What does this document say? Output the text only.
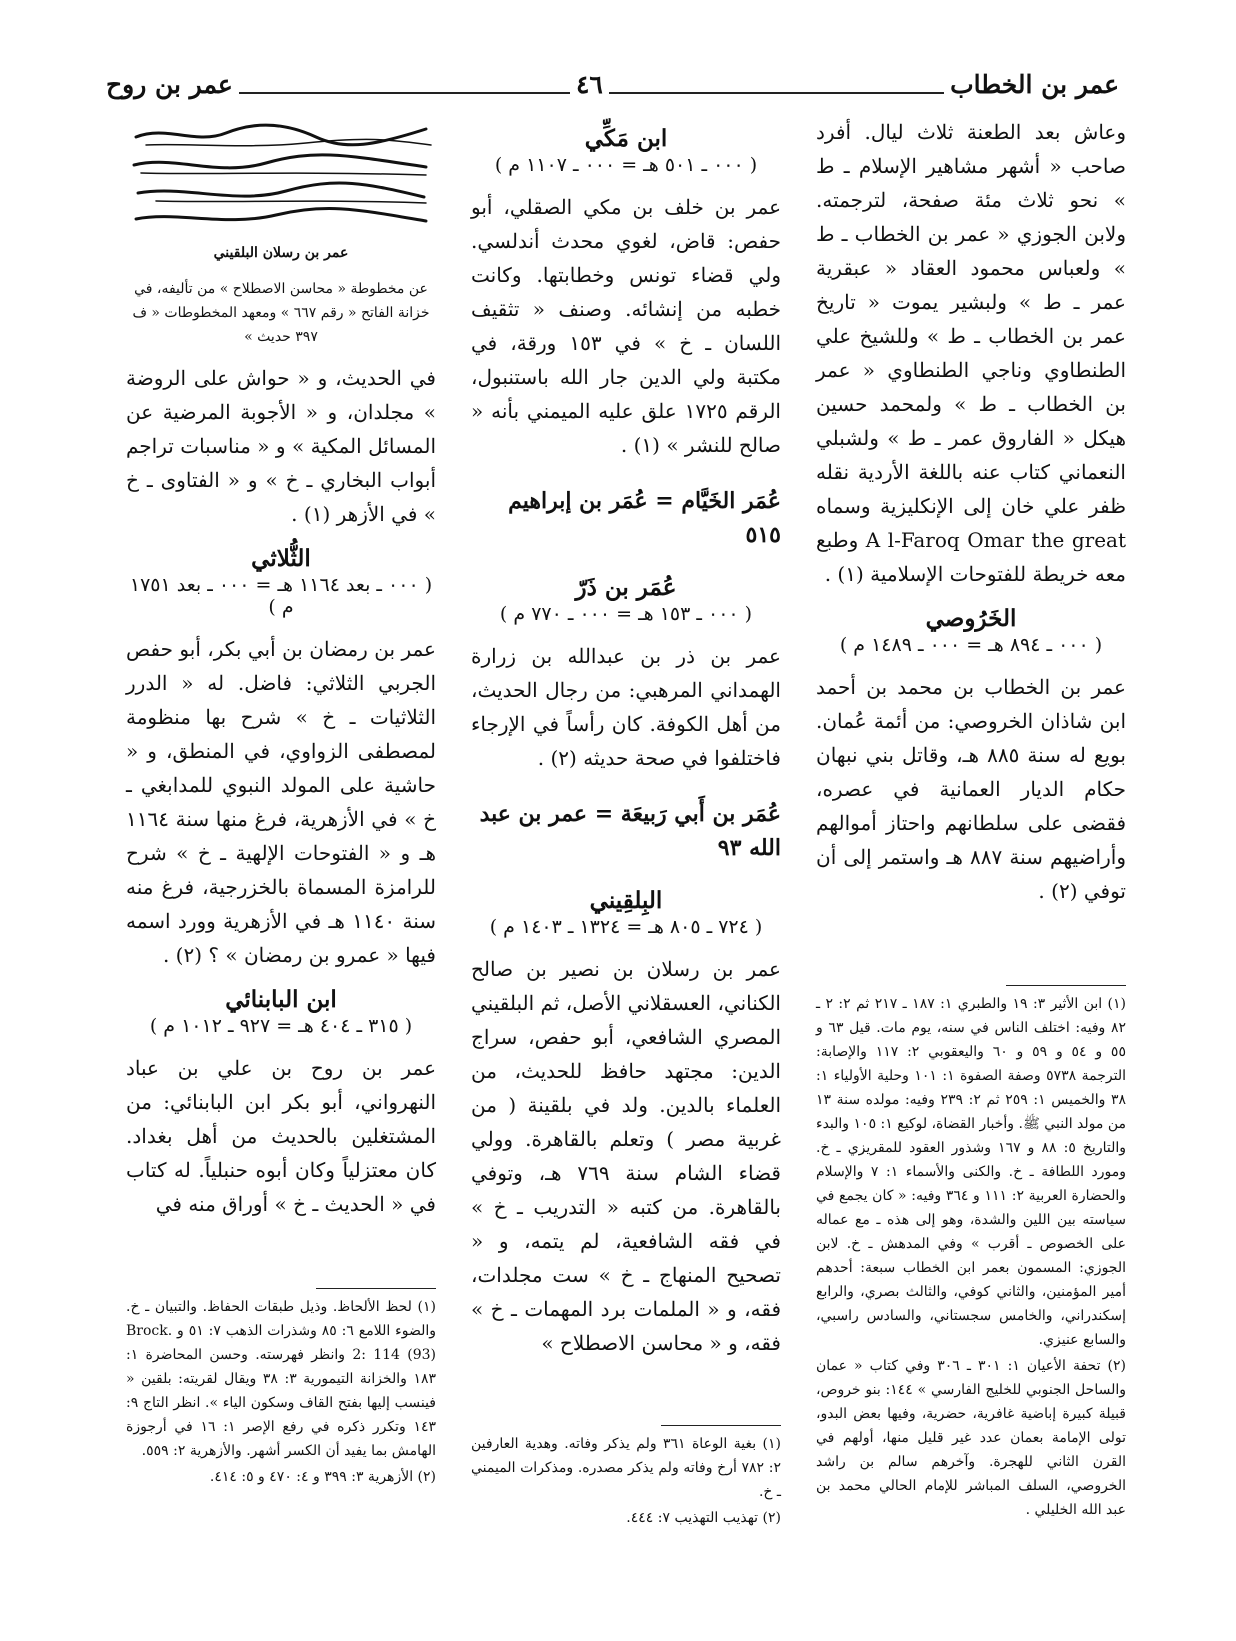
عمر بن الخطاب
٤٦
عمر بن روح

وعاش بعد الطعنة ثلاث ليال. أفرد صاحب « أشهر مشاهير الإسلام ـ ط » نحو ثلاث مئة صفحة، لترجمته. ولابن الجوزي « عمر بن الخطاب ـ ط » ولعباس محمود العقاد « عبقرية عمر ـ ط » ولبشير يموت « تاريخ عمر بن الخطاب ـ ط » وللشيخ علي الطنطاوي وناجي الطنطاوي « عمر بن الخطاب ـ ط » ولمحمد حسين هيكل « الفاروق عمر ـ ط » ولشبلي النعماني كتاب عنه باللغة الأردية نقله ظفر علي خان إلى الإنكليزية وسماه A l-Faroq Omar the great وطبع معه خريطة للفتوحات الإسلامية (١) .

الخَرُوصي
( ٠٠٠ ـ ٨٩٤ هـ = ٠٠٠ ـ ١٤٨٩ م )

عمر بن الخطاب بن محمد بن أحمد ابن شاذان الخروصي: من أئمة عُمان. بويع له سنة ٨٨٥ هـ، وقاتل بني نبهان حكام الديار العمانية في عصره، فقضى على سلطانهم واحتاز أموالهم وأراضيهم سنة ٨٨٧ هـ واستمر إلى أن توفي (٢) .

(١) ابن الأثير ٣: ١٩ والطبري ١: ١٨٧ ـ ٢١٧ ثم ٢: ٢ ـ ٨٢ وفيه: اختلف الناس في سنه، يوم مات. قيل ٦٣ و ٥٥ و ٥٤ و ٥٩ و ٦٠ واليعقوبي ٢: ١١٧ والإصابة: الترجمة ٥٧٣٨ وصفة الصفوة ١: ١٠١ وحلية الأولياء ١: ٣٨ والخميس ١: ٢٥٩ ثم ٢: ٢٣٩ وفيه: مولده سنة ١٣ من مولد النبي ﷺ. وأخبار القضاة، لوكيع ١: ١٠٥ والبدء والتاريخ ٥: ٨٨ و ١٦٧ وشذور العقود للمقريزي ـ خ. ومورد اللطافة ـ خ. والكنى والأسماء ١: ٧ والإسلام والحضارة العربية ٢: ١١١ و ٣٦٤ وفيه: « كان يجمع في سياسته بين اللين والشدة، وهو إلى هذه ـ مع عماله على الخصوص ـ أقرب » وفي المدهش ـ خ. لابن الجوزي: المسمون بعمر ابن الخطاب سبعة: أحدهم أمير المؤمنين، والثاني كوفي، والثالث بصري، والرابع إسكندراني، والخامس سجستاني، والسادس راسبي، والسابع عنيزي.

(٢) تحفة الأعيان ١: ٣٠١ ـ ٣٠٦ وفي كتاب « عمان والساحل الجنوبي للخليج الفارسي » ١٤٤: بنو خروص، قبيلة كبيرة إباضية غافرية، حضرية، وفيها بعض البدو، تولى الإمامة بعمان عدد غير قليل منها، أولهم في القرن الثاني للهجرة. وآخرهم سالم بن راشد الخروصي، السلف المباشر للإمام الحالي محمد بن عبد الله الخليلي .

ابن مَكِّي
( ٠٠٠ ـ ٥٠١ هـ = ٠٠٠ ـ ١١٠٧ م )

عمر بن خلف بن مكي الصقلي، أبو حفص: قاض، لغوي محدث أندلسي. ولي قضاء تونس وخطابتها. وكانت خطبه من إنشائه. وصنف « تثقيف اللسان ـ خ » في ١٥٣ ورقة، في مكتبة ولي الدين جار الله باستنبول، الرقم ١٧٢٥ علق عليه الميمني بأنه « صالح للنشر » (١) .

عُمَر الخَيَّام = عُمَر بن إبراهيم ٥١٥
عُمَر بن ذَرّ
( ٠٠٠ ـ ١٥٣ هـ = ٠٠٠ ـ ٧٧٠ م )

عمر بن ذر بن عبدالله بن زرارة الهمداني المرهبي: من رجال الحديث، من أهل الكوفة. كان رأساً في الإرجاء فاختلفوا في صحة حديثه (٢) .

عُمَر بن أَبي رَبيعَة = عمر بن عبد الله ٩٣
البِلقِيني
( ٧٢٤ ـ ٨٠٥ هـ = ١٣٢٤ ـ ١٤٠٣ م )

عمر بن رسلان بن نصير بن صالح الكناني، العسقلاني الأصل، ثم البلقيني المصري الشافعي، أبو حفص، سراج الدين: مجتهد حافظ للحديث، من العلماء بالدين. ولد في بلقينة ( من غربية مصر ) وتعلم بالقاهرة. وولي قضاء الشام سنة ٧٦٩ هـ، وتوفي بالقاهرة. من كتبه « التدريب ـ خ » في فقه الشافعية، لم يتمه، و « تصحيح المنهاج ـ خ » ست مجلدات، فقه، و « الملمات برد المهمات ـ خ » فقه، و « محاسن الاصطلاح »

(١) بغية الوعاة ٣٦١ ولم يذكر وفاته. وهدية العارفين ٢: ٧٨٢ أرخ وفاته ولم يذكر مصدره. ومذكرات الميمني ـ خ.

(٢) تهذيب التهذيب ٧: ٤٤٤.

عمر بن رسلان البلقيني
عن مخطوطة « محاسن الاصطلاح » من تأليفه، في خزانة الفاتح « رقم ٦٦٧ » ومعهد المخطوطات « ف ٣٩٧ حديث »

في الحديث، و « حواش على الروضة » مجلدان، و « الأجوبة المرضية عن المسائل المكية » و « مناسبات تراجم أبواب البخاري ـ خ » و « الفتاوى ـ خ » في الأزهر (١) .

الثُّلاثي
( ٠٠٠ ـ بعد ١١٦٤ هـ = ٠٠٠ ـ بعد ١٧٥١ م )

عمر بن رمضان بن أبي بكر، أبو حفص الجربي الثلاثي: فاضل. له « الدرر الثلاثيات ـ خ » شرح بها منظومة لمصطفى الزواوي، في المنطق، و « حاشية على المولد النبوي للمدابغي ـ خ » في الأزهرية، فرغ منها سنة ١١٦٤ هـ و « الفتوحات الإلهية ـ خ » شرح للرامزة المسماة بالخزرجية، فرغ منه سنة ١١٤٠ هـ في الأزهرية وورد اسمه فيها « عمرو بن رمضان » ؟ (٢) .

ابن البابنائي
( ٣١٥ ـ ٤٠٤ هـ = ٩٢٧ ـ ١٠١٢ م )

عمر بن روح بن علي بن عباد النهرواني، أبو بكر ابن البابنائي: من المشتغلين بالحديث من أهل بغداد. كان معتزلياً وكان أبوه حنبلياً. له كتاب في « الحديث ـ خ » أوراق منه في

(١) لحظ الألحاظ. وذيل طبقات الحفاظ. والتبيان ـ خ. والضوء اللامع ٦: ٨٥ وشذرات الذهب ٧: ٥١ و Brock. 2: 114 (93) وانظر فهرسته. وحسن المحاضرة ١: ١٨٣ والخزانة التيمورية ٣: ٣٨ ويقال لقريته: بلقين « فينسب إليها بفتح القاف وسكون الياء ». انظر التاج ٩: ١٤٣ وتكرر ذكره في رفع الإصر ١: ١٦ في أرجوزة الهامش بما يفيد أن الكسر أشهر. والأزهرية ٢: ٥٥٩.

(٢) الأزهرية ٣: ٣٩٩ و ٤: ٤٧٠ و ٥: ٤١٤.
